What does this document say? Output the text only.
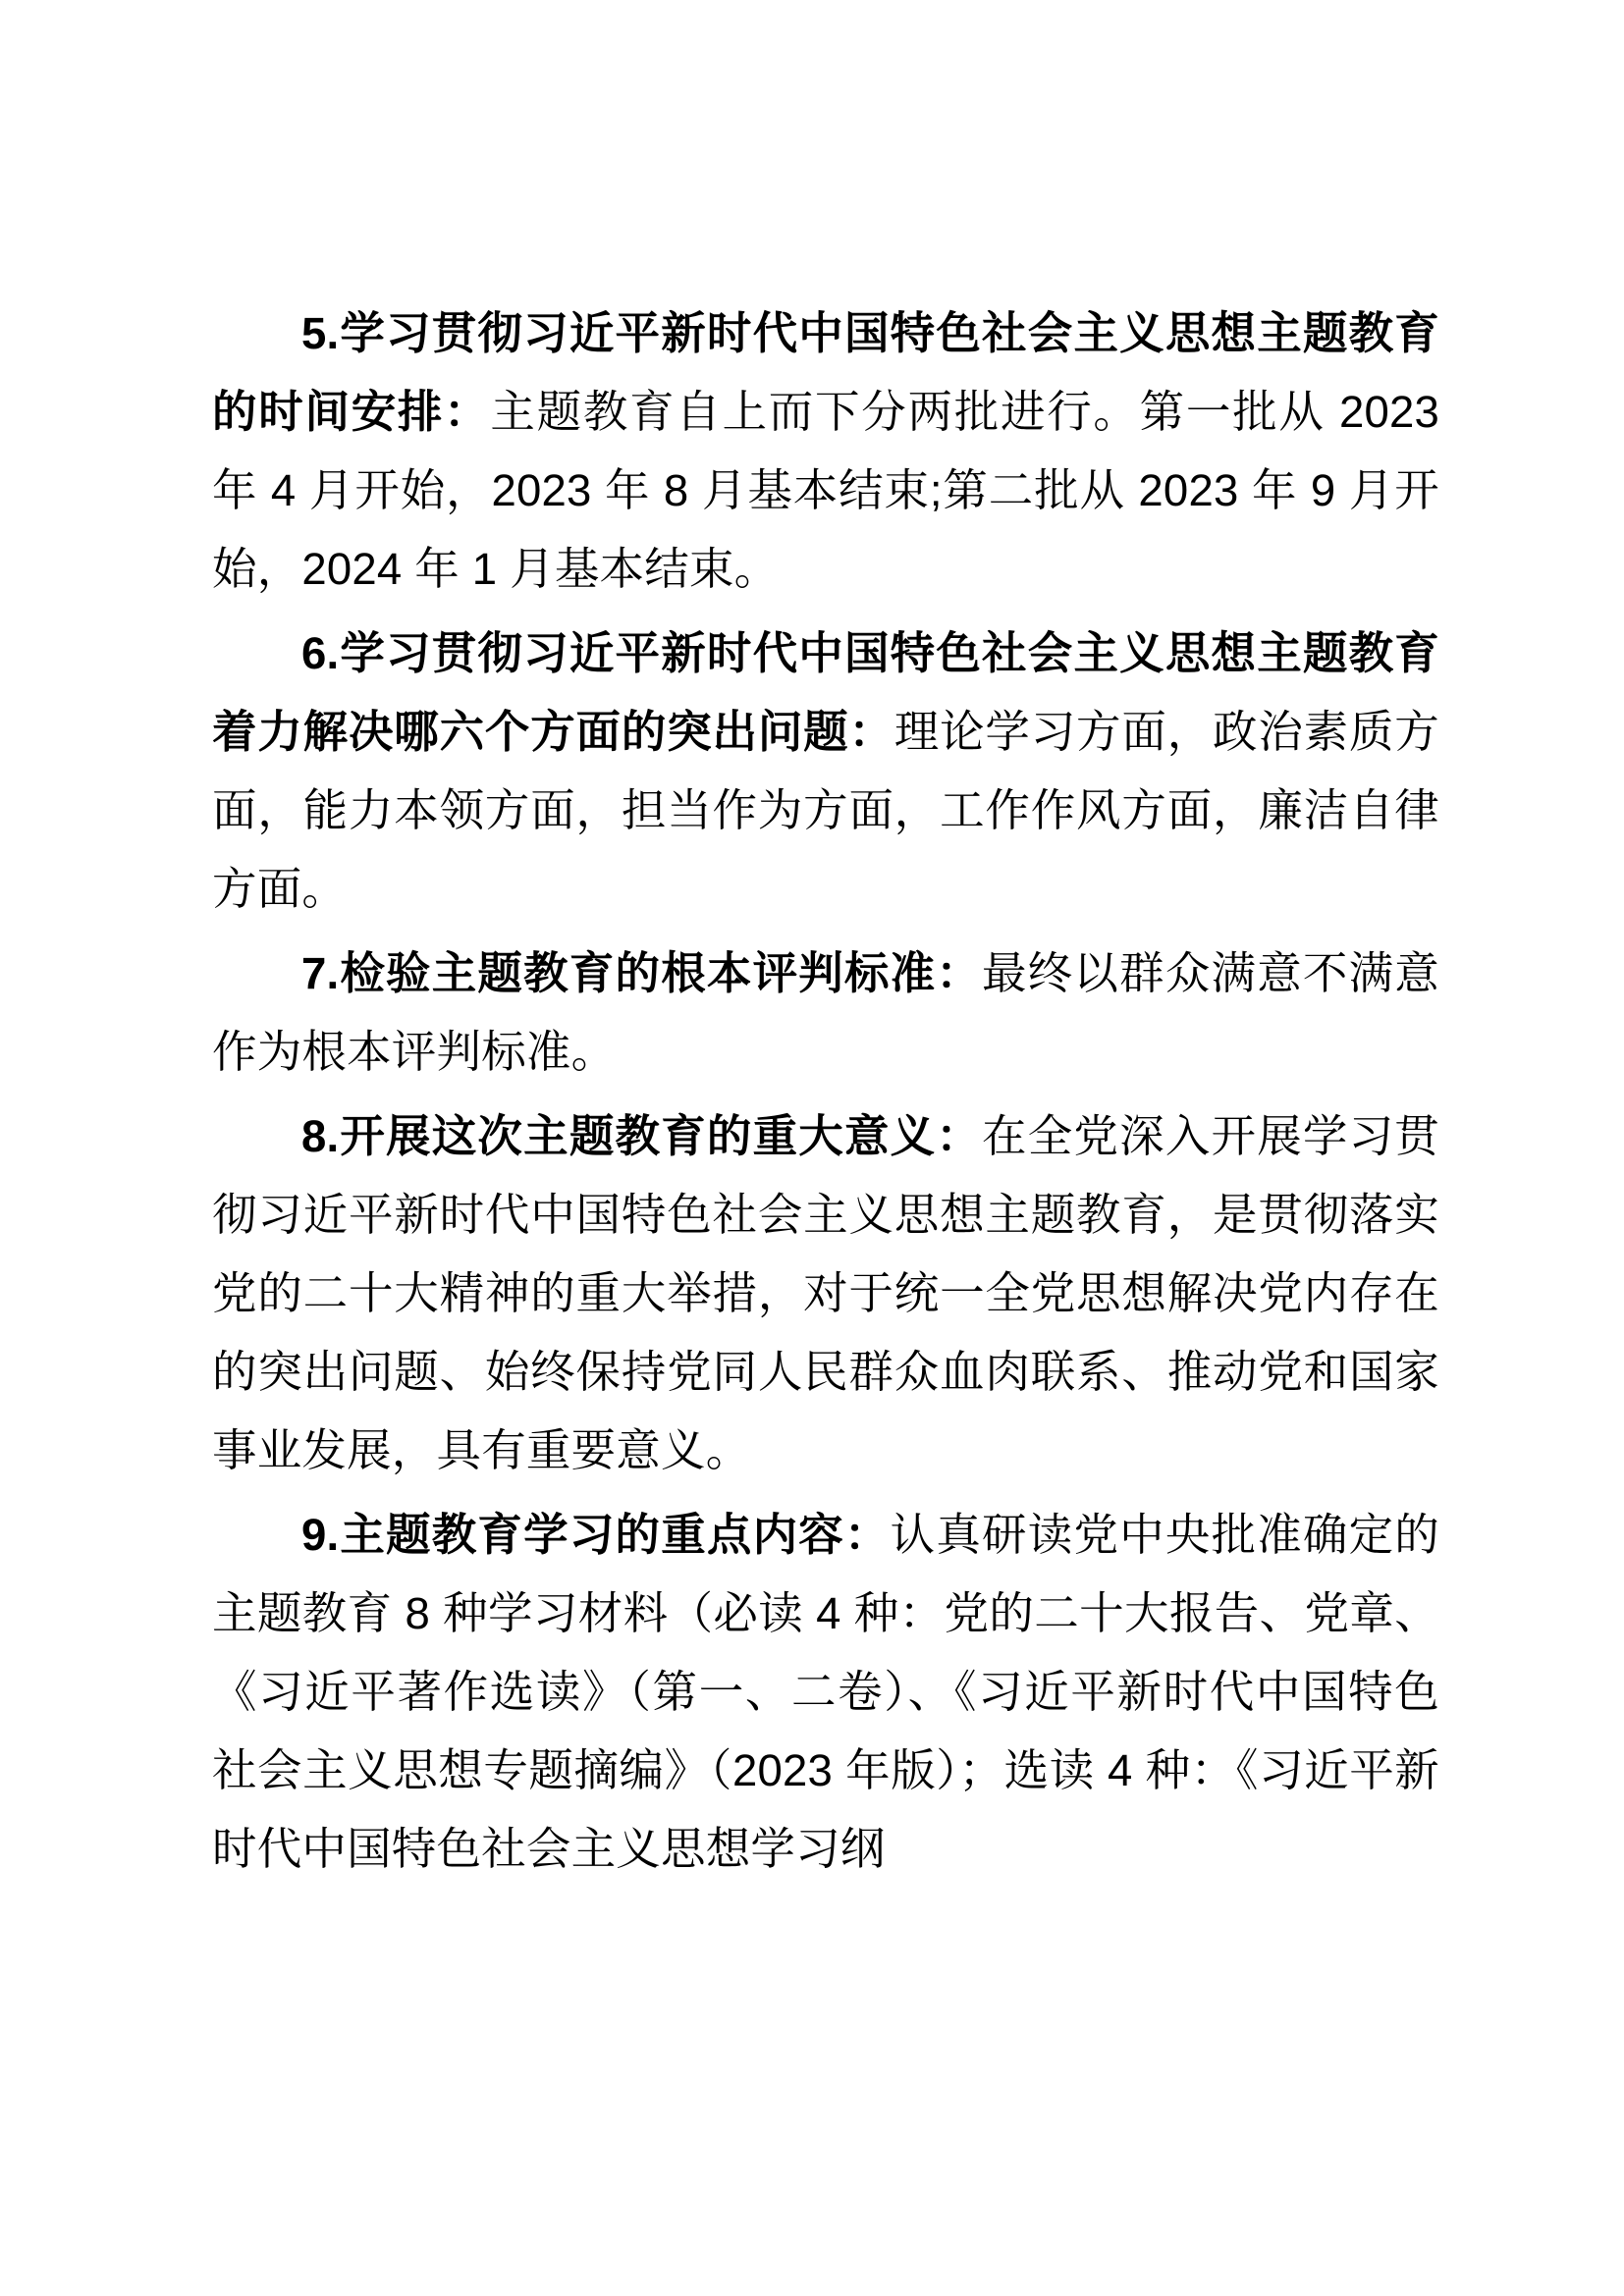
5.学习贯彻习近平新时代中国特色社会主义思想主题教育的时间安排：主题教育自上而下分两批进行。第一批从 2023 年 4 月开始，2023 年 8 月基本结束;第二批从 2023 年 9 月开始，2024 年 1 月基本结束。

6.学习贯彻习近平新时代中国特色社会主义思想主题教育着力解决哪六个方面的突出问题：理论学习方面，政治素质方面，能力本领方面，担当作为方面，工作作风方面，廉洁自律方面。

7.检验主题教育的根本评判标准：最终以群众满意不满意作为根本评判标准。

8.开展这次主题教育的重大意义：在全党深入开展学习贯彻习近平新时代中国特色社会主义思想主题教育，是贯彻落实党的二十大精神的重大举措，对于统一全党思想解决党内存在的突出问题、始终保持党同人民群众血肉联系、推动党和国家事业发展，具有重要意义。

9.主题教育学习的重点内容：认真研读党中央批准确定的主题教育 8 种学习材料（必读 4 种：党的二十大报告、党章、《习近平著作选读》（第一、二卷）、《习近平新时代中国特色社会主义思想专题摘编》（2023 年版）；选读 4 种：《习近平新时代中国特色社会主义思想学习纲
